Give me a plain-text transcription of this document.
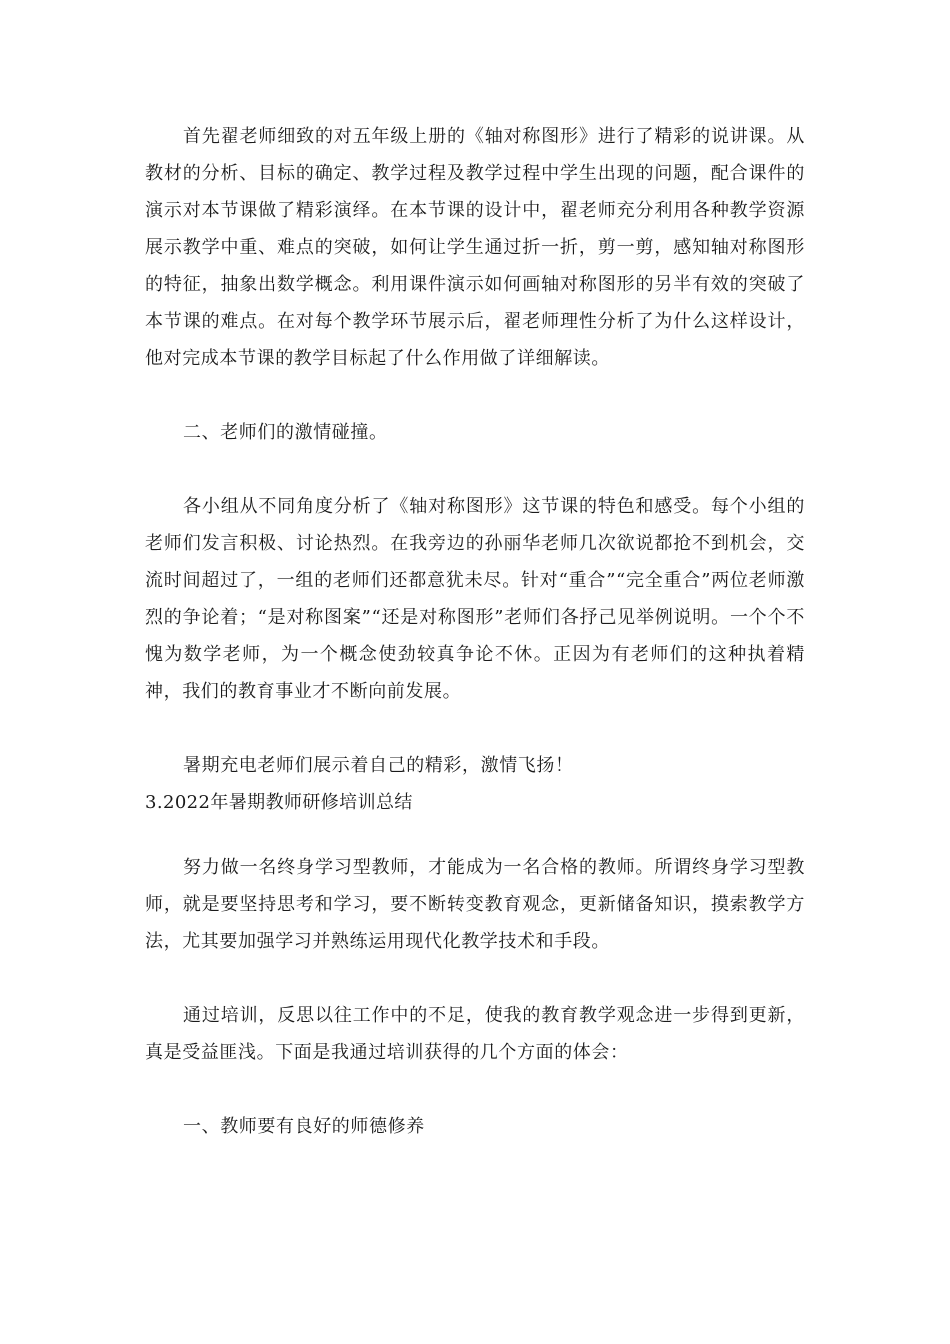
首先翟老师细致的对五年级上册的《轴对称图形》进行了精彩的说讲课。从教材的分析、目标的确定、教学过程及教学过程中学生出现的问题，配合课件的演示对本节课做了精彩演绎。在本节课的设计中，翟老师充分利用各种教学资源展示教学中重、难点的突破，如何让学生通过折一折，剪一剪，感知轴对称图形的特征，抽象出数学概念。利用课件演示如何画轴对称图形的另半有效的突破了本节课的难点。在对每个教学环节展示后，翟老师理性分析了为什么这样设计，他对完成本节课的教学目标起了什么作用做了详细解读。

二、老师们的激情碰撞。

各小组从不同角度分析了《轴对称图形》这节课的特色和感受。每个小组的老师们发言积极、讨论热烈。在我旁边的孙丽华老师几次欲说都抢不到机会，交流时间超过了，一组的老师们还都意犹未尽。针对“重合”“完全重合”两位老师激烈的争论着；“是对称图案”“还是对称图形”老师们各抒己见举例说明。一个个不愧为数学老师，为一个概念使劲较真争论不休。正因为有老师们的这种执着精神，我们的教育事业才不断向前发展。

暑期充电老师们展示着自己的精彩，激情飞扬！

3.2022年暑期教师研修培训总结

努力做一名终身学习型教师，才能成为一名合格的教师。所谓终身学习型教师，就是要坚持思考和学习，要不断转变教育观念，更新储备知识，摸索教学方法，尤其要加强学习并熟练运用现代化教学技术和手段。

通过培训，反思以往工作中的不足，使我的教育教学观念进一步得到更新，真是受益匪浅。下面是我通过培训获得的几个方面的体会：

一、教师要有良好的师德修养
